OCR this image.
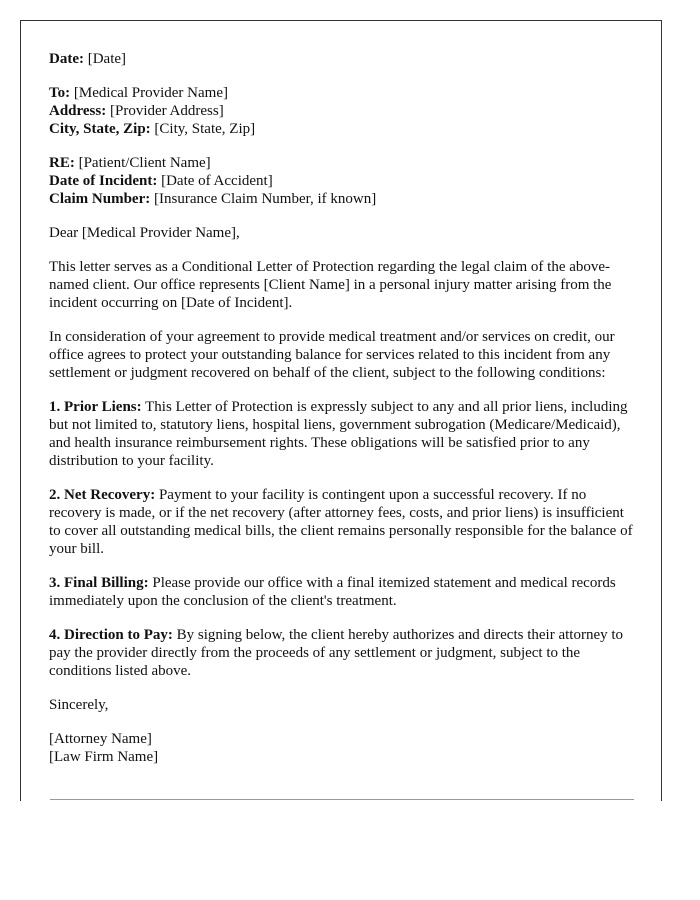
Date: [Date]

To: [Medical Provider Name]
Address: [Provider Address]
City, State, Zip: [City, State, Zip]

RE: [Patient/Client Name]
Date of Incident: [Date of Accident]
Claim Number: [Insurance Claim Number, if known]

Dear [Medical Provider Name],

This letter serves as a Conditional Letter of Protection regarding the legal claim of the above-named client. Our office represents [Client Name] in a personal injury matter arising from the incident occurring on [Date of Incident].

In consideration of your agreement to provide medical treatment and/or services on credit, our office agrees to protect your outstanding balance for services related to this incident from any settlement or judgment recovered on behalf of the client, subject to the following conditions:

1. Prior Liens: This Letter of Protection is expressly subject to any and all prior liens, including but not limited to, statutory liens, hospital liens, government subrogation (Medicare/Medicaid), and health insurance reimbursement rights. These obligations will be satisfied prior to any distribution to your facility.

2. Net Recovery: Payment to your facility is contingent upon a successful recovery. If no recovery is made, or if the net recovery (after attorney fees, costs, and prior liens) is insufficient to cover all outstanding medical bills, the client remains personally responsible for the balance of your bill.

3. Final Billing: Please provide our office with a final itemized statement and medical records immediately upon the conclusion of the client's treatment.

4. Direction to Pay: By signing below, the client hereby authorizes and directs their attorney to pay the provider directly from the proceeds of any settlement or judgment, subject to the conditions listed above.

Sincerely,

[Attorney Name]
[Law Firm Name]
